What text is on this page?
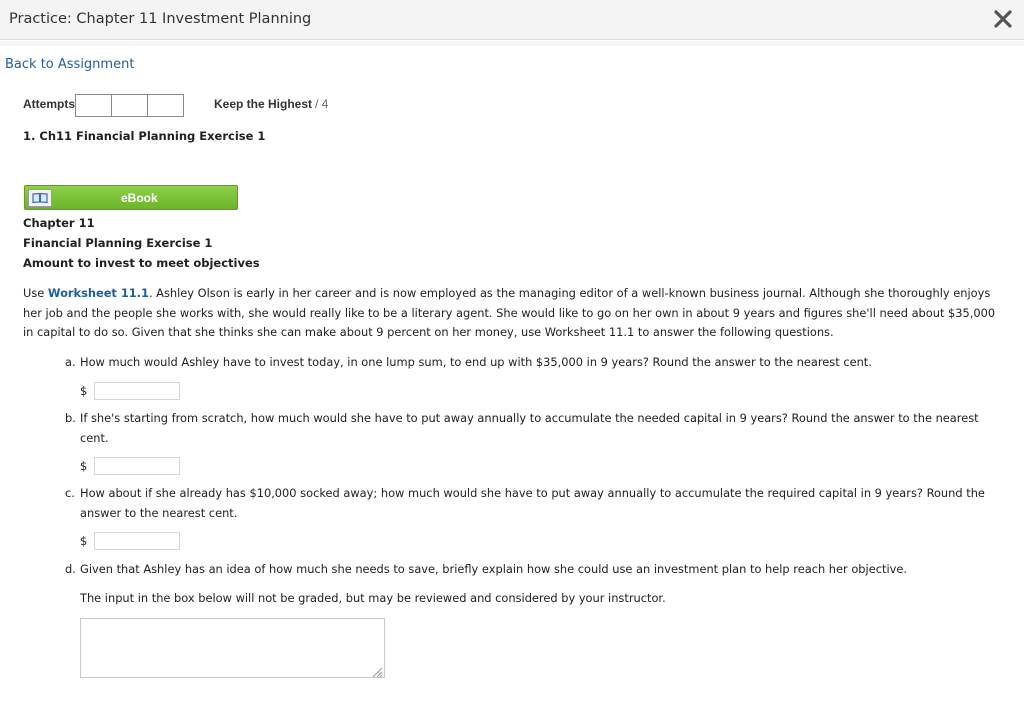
Practice: Chapter 11 Investment Planning
Back to Assignment
Attempts	Keep the Highest / 4
1. Ch11 Financial Planning Exercise 1
eBook
Chapter 11
Financial Planning Exercise 1
Amount to invest to meet objectives
Use Worksheet 11.1. Ashley Olson is early in her career and is now employed as the managing editor of a well-known business journal. Although she thoroughly enjoys her job and the people she works with, she would really like to be a literary agent. She would like to go on her own in about 9 years and figures she'll need about $35,000 in capital to do so. Given that she thinks she can make about 9 percent on her money, use Worksheet 11.1 to answer the following questions.
a. How much would Ashley have to invest today, in one lump sum, to end up with $35,000 in 9 years? Round the answer to the nearest cent.
$
b. If she's starting from scratch, how much would she have to put away annually to accumulate the needed capital in 9 years? Round the answer to the nearest
cent.
$
c. How about if she already has $10,000 socked away; how much would she have to put away annually to accumulate the required capital in 9 years? Round the
answer to the nearest cent.
$
d. Given that Ashley has an idea of how much she needs to save, briefly explain how she could use an investment plan to help reach her objective.
The input in the box below will not be graded, but may be reviewed and considered by your instructor.
